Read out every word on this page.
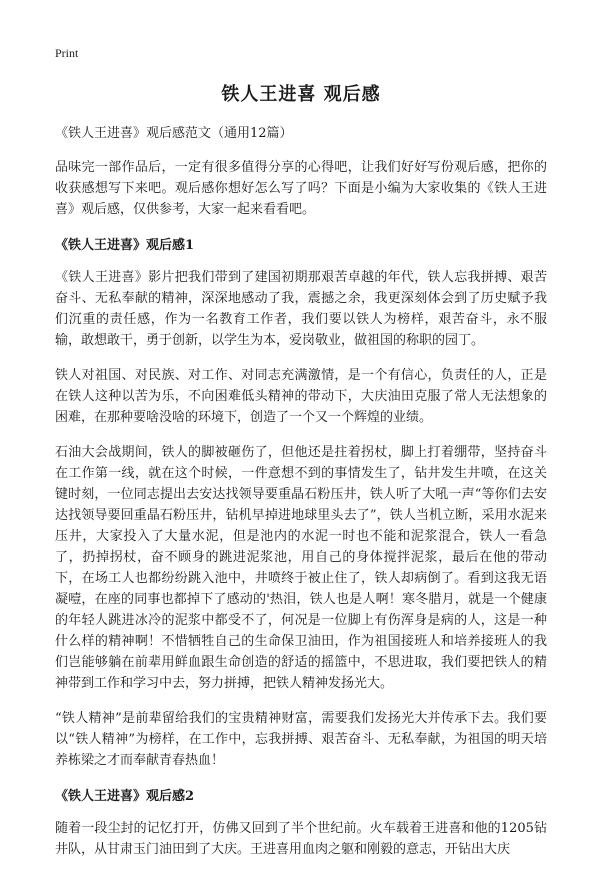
Print
铁人王进喜 观后感
《铁人王进喜》观后感范文（通用12篇）

品味完一部作品后，一定有很多值得分享的心得吧，让我们好好写份观后感，把你的收获感想写下来吧。观后感你想好怎么写了吗？下面是小编为大家收集的《铁人王进喜》观后感，仅供参考，大家一起来看看吧。

《铁人王进喜》观后感1

《铁人王进喜》影片把我们带到了建国初期那艰苦卓越的年代，铁人忘我拼搏、艰苦奋斗、无私奉献的精神，深深地感动了我，震撼之余，我更深刻体会到了历史赋予我们沉重的责任感，作为一名教育工作者，我们要以铁人为榜样，艰苦奋斗，永不服输，敢想敢干，勇于创新，以学生为本，爱岗敬业，做祖国的称职的园丁。

铁人对祖国、对民族、对工作、对同志充满激情，是一个有信心，负责任的人，正是在铁人这种以苦为乐，不向困难低头精神的带动下，大庆油田克服了常人无法想象的困难，在那种要啥没啥的环境下，创造了一个又一个辉煌的业绩。

石油大会战期间，铁人的脚被砸伤了，但他还是拄着拐杖，脚上打着绷带，坚持奋斗在工作第一线，就在这个时候，一件意想不到的事情发生了，钻井发生井喷，在这关键时刻，一位同志提出去安达找领导要重晶石粉压井，铁人听了大吼一声“等你们去安达找领导要回重晶石粉压井，钻机早掉进地球里头去了”，铁人当机立断，采用水泥来压井，大家投入了大量水泥，但是池内的水泥一时也不能和泥浆混合，铁人一看急了，扔掉拐杖，奋不顾身的跳进泥浆池，用自己的身体搅拌泥浆，最后在他的带动下，在场工人也都纷纷跳入池中，井喷终于被止住了，铁人却病倒了。看到这我无语凝噎，在座的同事也都掉下了感动的'热泪，铁人也是人啊！寒冬腊月，就是一个健康的年轻人跳进冰冷的泥浆中都受不了，何况是一位脚上有伤浑身是病的人，这是一种什么样的精神啊！不惜牺牲自己的生命保卫油田，作为祖国接班人和培养接班人的我们岂能够躺在前辈用鲜血跟生命创造的舒适的摇篮中，不思进取，我们要把铁人的精神带到工作和学习中去，努力拼搏，把铁人精神发扬光大。

“铁人精神”是前辈留给我们的宝贵精神财富，需要我们发扬光大并传承下去。我们要以“铁人精神”为榜样，在工作中，忘我拼搏、艰苦奋斗、无私奉献，为祖国的明天培养栋梁之才而奉献青春热血！

《铁人王进喜》观后感2

随着一段尘封的记忆打开，仿佛又回到了半个世纪前。火车载着王进喜和他的1205钻井队，从甘肃玉门油田到了大庆。王进喜用血肉之躯和刚毅的意志，开钻出大庆
